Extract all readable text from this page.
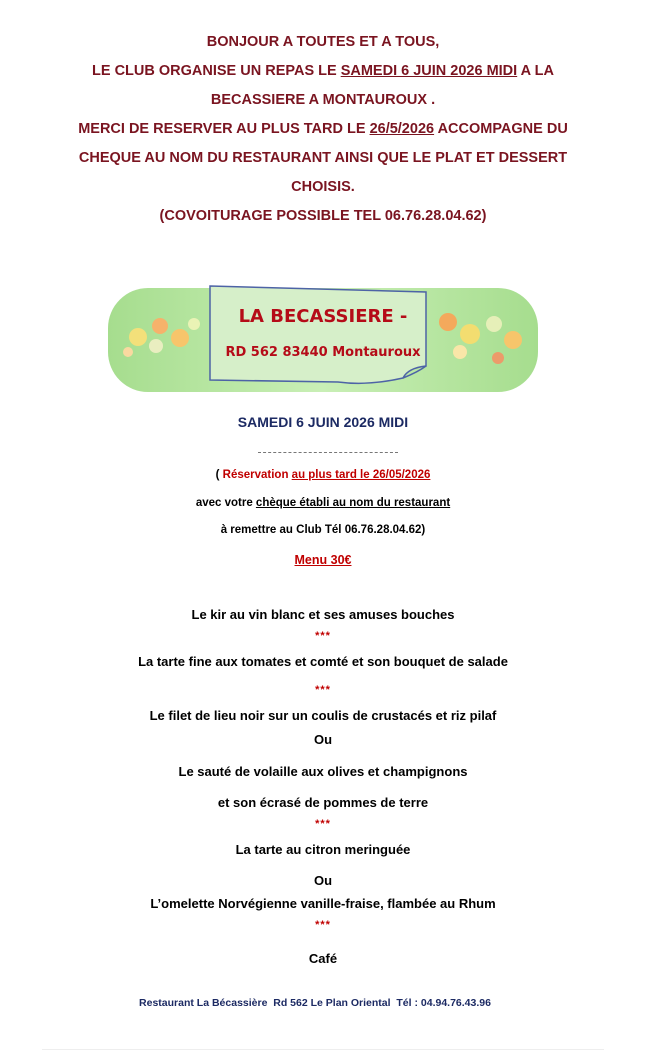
BONJOUR A TOUTES ET A TOUS,
LE CLUB ORGANISE UN REPAS LE SAMEDI 6 JUIN 2026 MIDI A LA
BECASSIERE A MONTAUROUX .
MERCI DE RESERVER AU PLUS TARD LE 26/5/2026 ACCOMPAGNE DU
CHEQUE AU NOM DU RESTAURANT AINSI QUE LE PLAT ET DESSERT
CHOISIS.
(COVOITURAGE POSSIBLE TEL 06.76.28.04.62)
LA BECASSIERE -
RD 562 83440 Montauroux
SAMEDI 6 JUIN 2026 MIDI
( Réservation au plus tard le 26/05/2026
avec votre chèque établi au nom du restaurant
à remettre au Club Tél 06.76.28.04.62)
Menu 30€
Le kir au vin blanc et ses amuses bouches
***
La tarte fine aux tomates et comté et son bouquet de salade
***
Le filet de lieu noir sur un coulis de crustacés et riz pilaf
Ou
Le sauté de volaille aux olives et champignons
et son écrasé de pommes de terre
***
La tarte au citron meringuée
Ou
L’omelette Norvégienne vanille-fraise, flambée au Rhum
***
Café
Restaurant La Bécassière  Rd 562 Le Plan Oriental  Tél : 04.94.76.43.96
